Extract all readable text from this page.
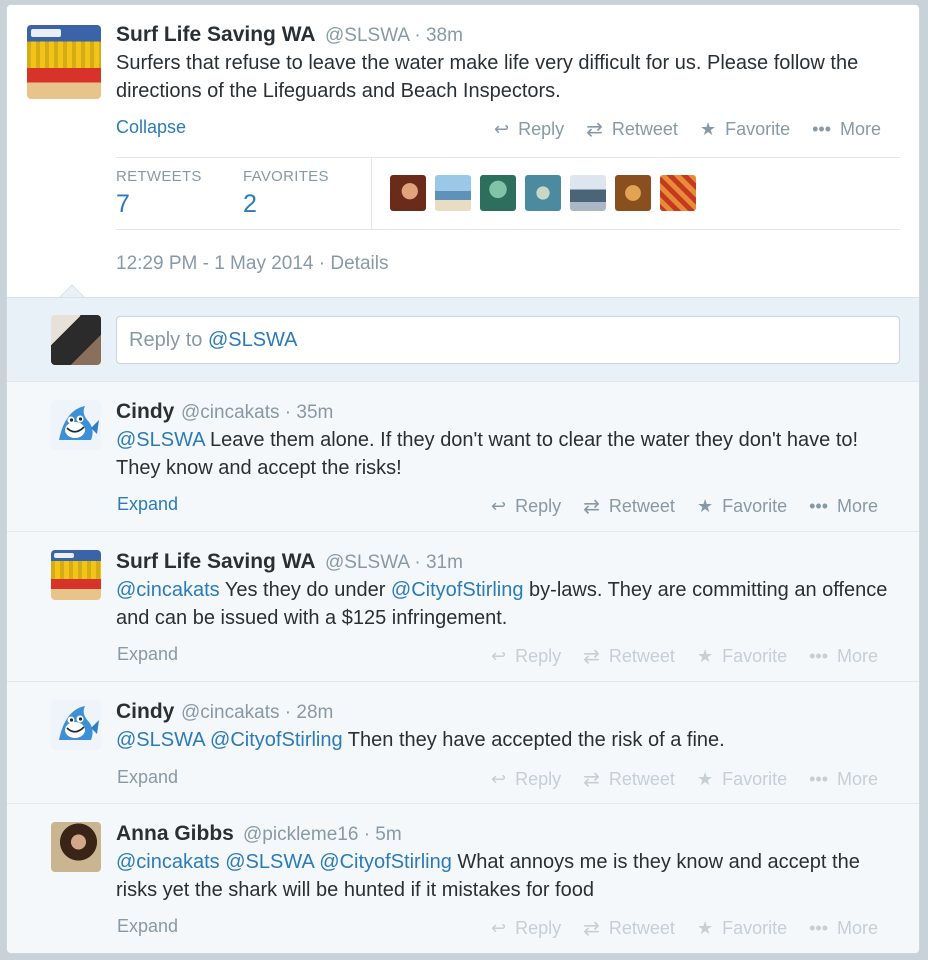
Surf Life Saving WA @SLSWA · 38m
Surfers that refuse to leave the water make life very difficult for us. Please follow the directions of the Lifeguards and Beach Inspectors.
Collapse	↩ Reply ⇄ Retweet ★ Favorite ••• More
RETWEETS
7
FAVORITES
2
12:29 PM - 1 May 2014 · Details
Reply to @SLSWA
Cindy @cincakats · 35m
@SLSWA Leave them alone. If they don't want to clear the water they don't have to! They know and accept the risks!
Expand	↩ Reply ⇄ Retweet ★ Favorite ••• More
Surf Life Saving WA @SLSWA · 31m
@cincakats Yes they do under @CityofStirling by-laws. They are committing an offence and can be issued with a $125 infringement.
Expand	↩ Reply ⇄ Retweet ★ Favorite ••• More
Cindy @cincakats · 28m
@SLSWA @CityofStirling Then they have accepted the risk of a fine.
Expand	↩ Reply ⇄ Retweet ★ Favorite ••• More
Anna Gibbs @pickleme16 · 5m
@cincakats @SLSWA @CityofStirling What annoys me is they know and accept the risks yet the shark will be hunted if it mistakes for food
Expand	↩ Reply ⇄ Retweet ★ Favorite ••• More
